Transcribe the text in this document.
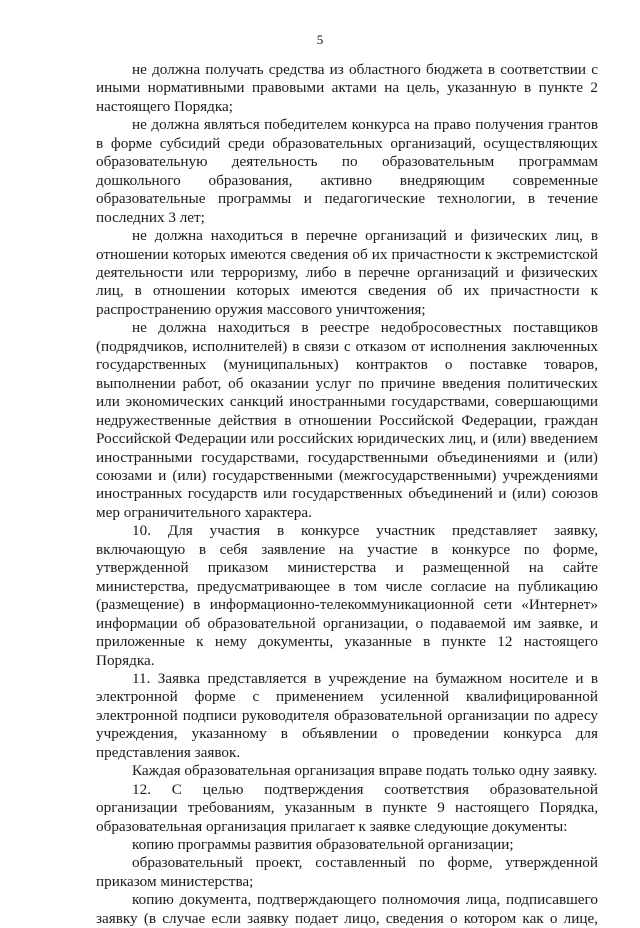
5

не должна получать средства из областного бюджета в соответствии с иными нормативными правовыми актами на цель, указанную в пункте 2 настоящего Порядка;

не должна являться победителем конкурса на право получения грантов в форме субсидий среди образовательных организаций, осуществляющих образовательную деятельность по образовательным программам дошкольного образования, активно внедряющим современные образовательные программы и педагогические технологии, в течение последних 3 лет;

не должна находиться в перечне организаций и физических лиц, в отношении которых имеются сведения об их причастности к экстремистской деятельности или терроризму, либо в перечне организаций и физических лиц, в отношении которых имеются сведения об их причастности к распространению оружия массового уничтожения;

не должна находиться в реестре недобросовестных поставщиков (подрядчиков, исполнителей) в связи с отказом от исполнения заключенных государственных (муниципальных) контрактов о поставке товаров, выполнении работ, об оказании услуг по причине введения политических или экономических санкций иностранными государствами, совершающими недружественные действия в отношении Российской Федерации, граждан Российской Федерации или российских юридических лиц, и (или) введением иностранными государствами, государственными объединениями и (или) союзами и (или) государственными (межгосударственными) учреждениями иностранных государств или государственных объединений и (или) союзов мер ограничительного характера.

10. Для участия в конкурсе участник представляет заявку, включающую в себя заявление на участие в конкурсе по форме, утвержденной приказом министерства и размещенной на сайте министерства, предусматривающее в том числе согласие на публикацию (размещение) в информационно-телекоммуникационной сети «Интернет» информации об образовательной организации, о подаваемой им заявке, и приложенные к нему документы, указанные в пункте 12 настоящего Порядка.

11. Заявка представляется в учреждение на бумажном носителе и в электронной форме с применением усиленной квалифицированной электронной подписи руководителя образовательной организации по адресу учреждения, указанному в объявлении о проведении конкурса для представления заявок.

Каждая образовательная организация вправе подать только одну заявку.

12. С целью подтверждения соответствия образовательной организации требованиям, указанным в пункте 9 настоящего Порядка, образовательная организация прилагает к заявке следующие документы:

копию программы развития образовательной организации;

образовательный проект, составленный по форме, утвержденной приказом министерства;

копию документа, подтверждающего полномочия лица, подписавшего заявку (в случае если заявку подает лицо, сведения о котором как о лице,
